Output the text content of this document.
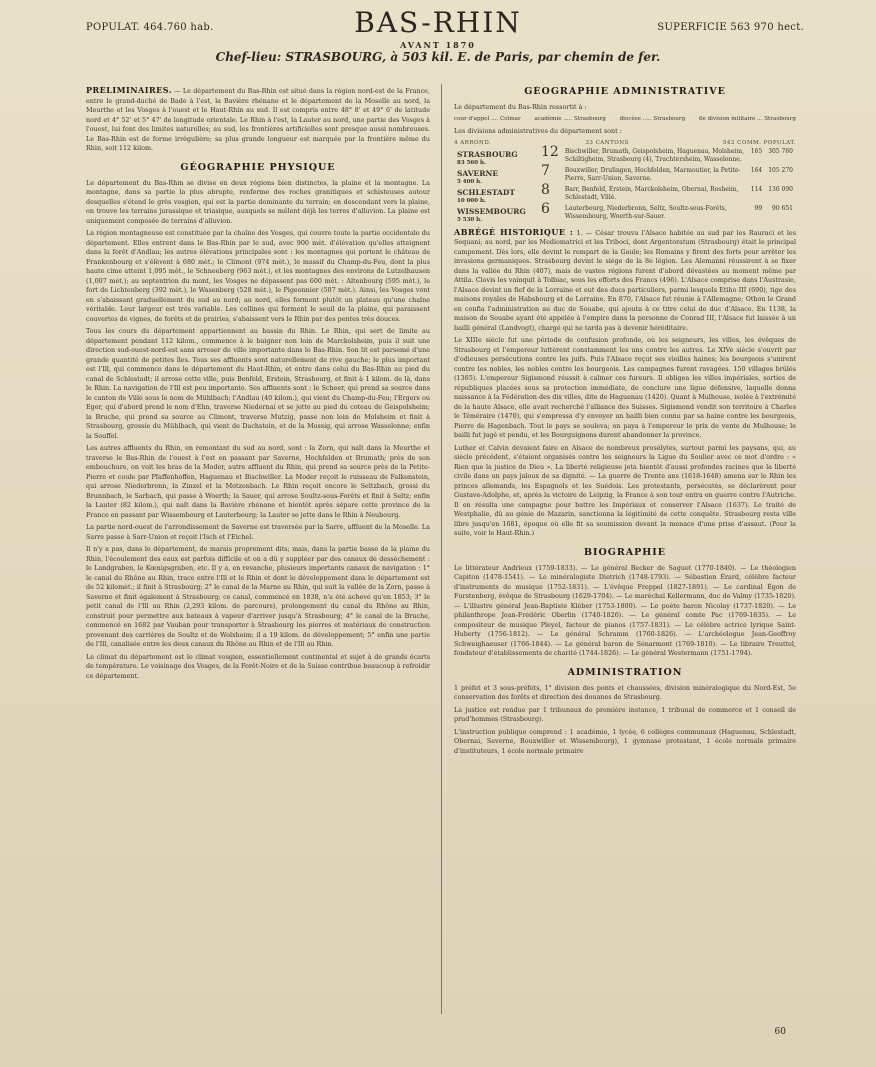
POPULAT. 464.760 hab.	BAS-RHIN	SUPERFICIE 563 970 hect.
AVANT 1870
Chef-lieu: STRASBOURG, à 503 kil. E. de Paris, par chemin de fer.

PRÉLIMINAIRES. — Le département du Bas-Rhin est situé dans la région nord-est de la France, entre le grand-duché de Bade à l'est, la Bavière rhénane et le département de la Moselle au nord, la Meurthe et les Vosges à l'ouest et le Haut-Rhin au sud. Il est compris entre 48° 8' et 49° 6' de latitude nord et 4° 52' et 5° 47' de longitude orientale. Le Rhin à l'est, la Lauter au nord, une partie des Vosges à l'ouest, lui font des limites naturelles; au sud, les frontières artificielles sont presque aussi nombreuses. Le Bas-Rhin est de forme irrégulière; sa plus grande longueur est marquée par la frontière même du Rhin, soit 112 kilom.

GÉOGRAPHIE PHYSIQUE

Le département du Bas-Rhin se divise en deux régions bien distinctes, la plaine et la montagne. La montagne, dans sa partie la plus abrupte, renferme des roches granitiques et schisteuses autour desquelles s'étend le grès vosgien, qui est la partie dominante du terrain; en descendant vers la plaine, on trouve les terrains jurassique et triasique, auxquels se mêlent déjà les terres d'alluvion. La plaine est uniquement composée de terrains d'alluvion.

La région montagneuse est constituée par la chaîne des Vosges, qui couvre toute la partie occidentale du département. Elles entrent dans le Bas-Rhin par le sud, avec 900 mèt. d'élévation qu'elles atteignent dans la forêt d'Andlau; les autres élévations principales sont : les montagnes qui portent le château de Frankenbourg et s'élèvent à 680 mèt.; le Climont (974 mèt.), le massif du Champ-du-Feu, dont la plus haute cime atteint 1,095 mèt., le Schneeberg (963 mèt.), et les montagnes des environs de Lutzelhausen (1,007 mèt.); au septentrion du mont, les Vosges ne dépassent pas 600 mèt. : Altenbourg (595 mèt.), le fort de Lichtenberg (392 mèt.), le Wasenberg (528 mèt.), le Pigeonnier (507 mèt.). Ainsi, les Vosges vont en s'abaissant graduellement du sud au nord; au nord, elles forment plutôt un plateau qu'une chaîne véritable. Leur largeur est très variable. Les collines qui forment le seuil de la plaine, qui paraissent couvertes de vignes, de forêts et de prairies, s'abaissent vers le Rhin par des pentes très douces.

Tous les cours du département appartiennent au bassin du Rhin. Le Rhin, qui sert de limite au département pendant 112 kilom., commence à le baigner non loin de Marckolsheim, puis il suit une direction sud-ouest-nord-est sans arroser de ville importante dans le Bas-Rhin. Son lit est parsemé d'une grande quantité de petites îles. Tous ses affluents sont naturellement de rive gauche; le plus important est l'Ill, qui commence dans le département du Haut-Rhin, et entre dans celui du Bas-Rhin au pied du canal de Schlestadt; il arrose cette ville, puis Benfeld, Erstein, Strasbourg, et finit à 1 kilom. de là, dans le Rhin. La navigation de l'Ill est peu importante. Ses affluents sont : le Scheer, qui prend sa source dans le canton de Villé sous le nom de Mühlbach; l'Andlau (40 kilom.), qui vient du Champ-du-Feu; l'Ergers ou Eger, qui d'abord prend le nom d'Ehn, traverse Niedernai et se jette au pied du coteau de Geispolsheim; la Bruche, qui prend sa source au Climont, traverse Mutzig, passe non loin de Molsheim et finit à Strasbourg, grossie du Mühlbach, qui vient de Dachstein, et de la Mossig, qui arrose Wasselonne; enfin la Souffel.

Les autres affluents du Rhin, en remontant du sud au nord, sont : la Zorn, qui naît dans la Meurthe et traverse le Bas-Rhin de l'ouest à l'est en passant par Saverne, Hochfelden et Brumath; près de son embouchure, on voit les bras de la Moder, autre affluent du Rhin, qui prend sa source près de la Petite-Pierre et coule par Pfaffenhoffen, Haguenau et Bischwiller. La Moder reçoit le ruisseau de Falkenstein, qui arrose Niederbronn, la Zinzel et la Motzenbach. Le Rhin reçoit encore le Seltzbach, grossi du Brunnbach, le Sarbach, qui passe à Woerth; la Sauer, qui arrose Soultz-sous-Forêts et finit à Seltz; enfin la Lauter (82 kilom.), qui naît dans la Bavière rhénane et bientôt après sépare cette province de la France en passant par Wissembourg et Lauterbourg; la Lauter se jette dans le Rhin à Neubourg.

La partie nord-ouest de l'arrondissement de Saverne est traversée par la Sarre, affluent de la Moselle. La Sarre passe à Sarr-Union et reçoit l'Isch et l'Eichel.

Il n'y a pas, dans le département, de marais proprement dits; mais, dans la partie basse de la plaine du Rhin, l'écoulement des eaux est parfois difficile et on a dû y suppléer par des canaux de dessèchement : le Landgraben, le Kœnigsgraben, etc. Il y a, en revanche, plusieurs importants canaux de navigation : 1° le canal du Rhône au Rhin, trace entre l'Ill et le Rhin et dont le développement dans le département est de 52 kilomèt.; il finit à Strasbourg; 2° le canal de la Marne au Rhin, qui suit la vallée de la Zorn, passe à Saverne et finit également à Strasbourg; ce canal, commencé en 1838, n'a été achevé qu'en 1853; 3° le petit canal de l'Ill au Rhin (2,293 kilom. de parcours), prolongement du canal du Rhône au Rhin, construit pour permettre aux bateaux à vapeur d'arriver jusqu'à Strasbourg; 4° le canal de la Bruche, commencé en 1682 par Vauban pour transporter à Strasbourg les pierres et matériaux de construction provenant des carrières de Soultz et de Wolxheim; il a 19 kilom. de développement; 5° enfin une partie de l'Ill, canalisée entre les deux canaux du Rhône au Rhin et de l'Ill au Rhin.

Le climat du département est le climat vosgien, essentiellement continental et sujet à de grands écarts de température. Le voisinage des Vosges, de la Forêt-Noire et de la Suisse contribue beaucoup à refroidir ce département.

GÉOGRAPHIE ADMINISTRATIVE

Le département du Bas-Rhin ressortit à :

cour d'appel .... Colmar académie ..... Strasbourg diocèse ..... Strasbourg 6e division militaire ... Strasbourg

Les divisions administratives du département sont :

4 ARROND.	33 CANTONS	542 COMM. POPULAT.
STRASBOURG
83 560 h.	12	Bischwiller, Brumath, Geispolsheim, Haguenau, Molsheim, Schiltigheim, Strasbourg (4), Truchtersheim, Wasselonne.	165	305 760

SAVERNE
5 400 h.	7	Bouxwiller, Drulingen, Hochfelden, Marmoutier, la Petite-Pierre, Sarr-Union, Saverne.	164	105 270

SCHLESTADT
10 000 h.	8	Barr, Benfeld, Erstein, Marckolsheim, Obernai, Rosheim, Schlestadt, Villé.	114	136 090

WISSEMBOURG
5 530 h.	6	Lauterbourg, Niederbronn, Seltz, Soultz-sous-Forêts, Wissembourg, Woerth-sur-Sauer.	99	90 651

ABRÉGÉ HISTORIQUE : 1. — César trouva l'Alsace habitée au sud par les Rauraci et les Sequani; au nord, par les Mediomatrici et les Triboci, dont Argentoratum (Strasbourg) était le principal campement. Dès lors, elle devint le rempart de la Gaule; les Romains y firent des forts pour arrêter les invasions germaniques. Strasbourg devint le siège de la 8e légion. Les Alemanni réussirent à se fixer dans la vallée du Rhin (407), mais de vastes régions furent d'abord dévastées au moment même par Attila. Clovis les vainquit à Tolbiac, sous les efforts des Francs (496). L'Alsace comprise dans l'Austrasie, l'Alsace devint un fief de la Lorraine et eut des ducs particuliers, parmi lesquels Etiho III (690), tige des maisons royales de Habsbourg et de Lorraine. En 870, l'Alsace fut réunie à l'Allemagne; Othon le Grand en confia l'administration au duc de Souabe, qui ajouta à ce titre celui de duc d'Alsace. En 1138, la maison de Souabe ayant été appelée à l'empire dans la personne de Conrad III, l'Alsace fut laissée à un bailli général (Landvogt), chargé qui ne tarda pas à devenir héréditaire.

Le XIIIe siècle fut une période de confusion profonde, où les seigneurs, les villes, les évêques de Strasbourg et l'empereur luttèrent constamment les uns contre les autres. Le XIVe siècle s'ouvrit par d'odieuses persécutions contre les juifs. Puis l'Alsace reçut ses vieilles haines; les bourgeois s'unirent contre les nobles, les nobles contre les bourgeois. Les campagnes furent ravagées. 150 villages brûlés (1365). L'empereur Sigismond réussit à calmer ces fureurs. Il obligea les villes impériales, sorties de républiques placées sous sa protection immédiate, de conclure une ligue défensive, laquelle donna naissance à la Fédération des dix villes, dite de Haguenau (1420). Quant à Mulhouse, isolée à l'extrémité de la haute Alsace, elle avait recherché l'alliance des Suisses. Sigismond vendit son territoire à Charles le Téméraire (1470), qui s'empressa d'y envoyer un bailli bien connu par sa haine contre les bourgeois, Pierre de Hagenbach. Tout le pays se souleva; on paya à l'empereur le prix de vente de Mulhouse; le bailli fut jugé et pendu, et les Bourguignons durent abandonner la province.

Luther et Calvin devaient faire en Alsace de nombreux prosélytes, surtout parmi les paysans, qui, au siècle précédent, s'étaient organisés contre les seigneurs la Ligue du Soulier avec ce mot d'ordre : « Rien que la justice de Dieu ». La liberté religieuse jeta bientôt d'aussi profondes racines que la liberté civile dans un pays jaloux de sa dignité. — La guerre de Trente ans (1618-1648) amena sur le Rhin les princes allemands, les Espagnols et les Suédois. Les protestants, persécutés, se déclarèrent pour Gustave-Adolphe, et, après la victoire de Leipzig, la France à son tour entra en guerre contre l'Autriche. Il en résulta une campagne pour battre les Impériaux et conserver l'Alsace (1637). Le traité de Westphalie, dû au génie de Mazarin, sanctionna la légitimité de cette conquête. Strasbourg resta ville libre jusqu'en 1681, époque où elle fit sa soumission devant la menace d'une prise d'assaut. (Pour la suite, voir le Haut-Rhin.)

BIOGRAPHIE

Le littérateur Andrieux (1759-1833). — Le général Becker de Saguet (1770-1840). — Le théologien Capiton (1478-1541). — Le minéralogiste Dietrich (1748-1793). — Sébastien Érard, célèbre facteur d'instruments de musique (1752-1831). — L'évêque Freppel (1827-1891). — Le cardinal Égon de Furstenberg, évêque de Strasbourg (1629-1704). — Le maréchal Kellermann, duc de Valmy (1735-1820). — L'illustre général Jean-Baptiste Kléber (1753-1800). — Le poète baron Nicolay (1737-1820). — Le philanthrope Jean-Frédéric Oberlin (1740-1826). — Le général comte Pac (1769-1835). — Le compositeur de musique Pleyel, facteur de pianos (1757-1831). — Le célèbre actrice lyrique Saint-Huberty (1756-1812). — Le général Schramm (1760-1826). — L'archéologue Jean-Geoffroy Schweighaeuser (1766-1844). — Le général baron de Sénarmont (1769-1810). — Le libraire Treuttel, fondateur d'établissements de charité (1744-1826). — Le général Westermann (1751-1794).

ADMINISTRATION

1 préfet et 3 sous-préfets, 1° division des ponts et chaussées, division minéralogique du Nord-Est, 5e conservation des forêts et direction des douanes de Strasbourg.

La justice est rendue par 1 tribunaux de première instance, 1 tribunal de commerce et 1 conseil de prud'hommes (Strasbourg).

L'instruction publique comprend : 1 académie, 1 lycée, 6 collèges communaux (Haguenau, Schlestadt, Obernai, Saverne, Bouxwiller et Wissembourg), 1 gymnase protestant, 1 école normale primaire d'instituteurs, 1 école normale primaire

60
